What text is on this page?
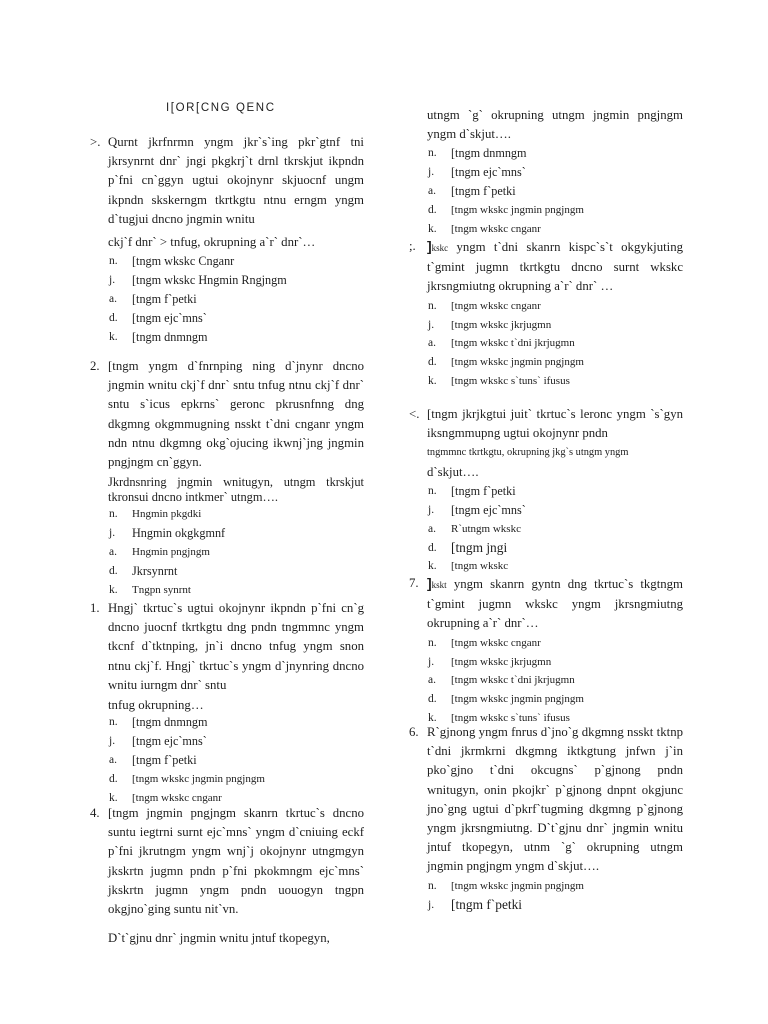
I[OR[CNG QENC
>. Qurnt jkrfnrmn yngm jkr`s`ing pkr`gtnf tni jkrsynrnt dnr` jngi pkgkrj`t drnl tkrskjut ikpndn p`fni cn`ggyn ugtui okojnynr skjuocnf ungm ikpndn skskerngm tkrtkgtu ntnu erngm yngm d`tugjui dncno jngmin wnitu

ckj`f dnr` > tnfug, okrupning a`r` dnr`…

n. [tngm wkskc Cnganr
j. [tngm wkskc Hngmin Rngjngm
a. [tngm f`petki
d. [tngm ejc`mns`
k. [tngm dnmngm
2. [tngm yngm d`fnrnping ning d`jnynr dncno jngmin wnitu ckj`f dnr` sntu tnfug ntnu ckj`f dnr` sntu s`icus epkrns` geronc pkrusnfnng dng dkgmng okgmmugning nsskt t`dni cnganr yngm ndn ntnu dkgmng okg`ojucing ikwnj`jng jngmin pngjngm cn`ggyn.

Jkrdnsnring jngmin wnitugyn, utngm tkrskjut tkronsui dncno intkmer` utngm….

n. Hngmin pkgdki
j. Hngmin okgkgmnf
a. Hngmin pngjngm
d. Jkrsynrnt
k. Tngpn synrnt
1. Hngj` tkrtuc`s ugtui okojnynr ikpndn p`fni cn`g dncno juocnf tkrtkgtu dng pndn tngmmnc yngm tkcnf d`tktnping, jn`i dncno tnfug yngm snon ntnu ckj`f. Hngj` tkrtuc`s yngm d`jnynring dncno wnitu iurngm dnr` sntu

tnfug okrupning…

n. [tngm dnmngm
j. [tngm ejc`mns`
a. [tngm f`petki
d. [tngm wkskc jngmin pngjngm
k. [tngm wkskc cnganr
4. [tngm jngmin pngjngm skanrn tkrtuc`s dncno suntu iegtrni surnt ejc`mns` yngm d`cniuing eckf p`fni jkrutngm yngm wnj`j okojnynr utngmgyn jkskrtn jugmn pndn p`fni pkokmngm ejc`mns` jkskrtn jugmn yngm pndn uouogyn tngpn okgjno`ging suntu nit`vn.

D`t`gjnu dnr` jngmin wnitu jntuf tkopegyn,

utngm `g` okrupning utngm jngmin pngjngm yngm d`skjut….

n. [tngm dnmngm
j. [tngm ejc`mns`
a. [tngm f`petki
d. [tngm wkskc jngmin pngjngm
k. [tngm wkskc cnganr
;. ]kskc yngm t`dni skanrn kispc`s`t okgykjuting t`gmint jugmn tkrtkgtu dncno surnt wkskc jkrsngmiutng okrupning a`r` dnr` …

n. [tngm wkskc cnganr
j. [tngm wkskc jkrjugmn
a. [tngm wkskc t`dni jkrjugmn
d. [tngm wkskc jngmin pngjngm
k. [tngm wkskc s`tuns` ifusus
<. [tngm jkrjkgtui juit` tkrtuc`s leronc yngm `s`gyn iksngmmupng ugtui okojnynr pndn

tngmmnc tkrtkgtu, okrupning jkg`s utngm yngm

d`skjut….

n. [tngm f`petki
j. [tngm ejc`mns`
a. R`utngm wkskc
d. [tngm jngi
k. [tngm wkskc
7. ]kskt yngm skanrn gyntn dng tkrtuc`s tkgtngm t`gmint jugmn wkskc yngm jkrsngmiutng okrupning a`r` dnr`…

n. [tngm wkskc cnganr
j. [tngm wkskc jkrjugmn
a. [tngm wkskc t`dni jkrjugmn
d. [tngm wkskc jngmin pngjngm
k. [tngm wkskc s`tuns` ifusus
6. R`gjnong yngm fnrus d`jno`g dkgmng nsskt tktnp t`dni jkrmkrni dkgmng iktkgtung jnfwn j`in pko`gjno t`dni okcugns` p`gjnong pndn wnitugyn, onin pkojkr` p`gjnong dnpnt okgjunc jno`gng ugtui d`pkrf`tugming dkgmng p`gjnong yngm jkrsngmiutng. D`t`gjnu dnr` jngmin wnitu jntuf tkopegyn, utnm `g` okrupning utngm jngmin pngjngm yngm d`skjut….

n. [tngm wkskc jngmin pngjngm
j. [tngm f`petki
